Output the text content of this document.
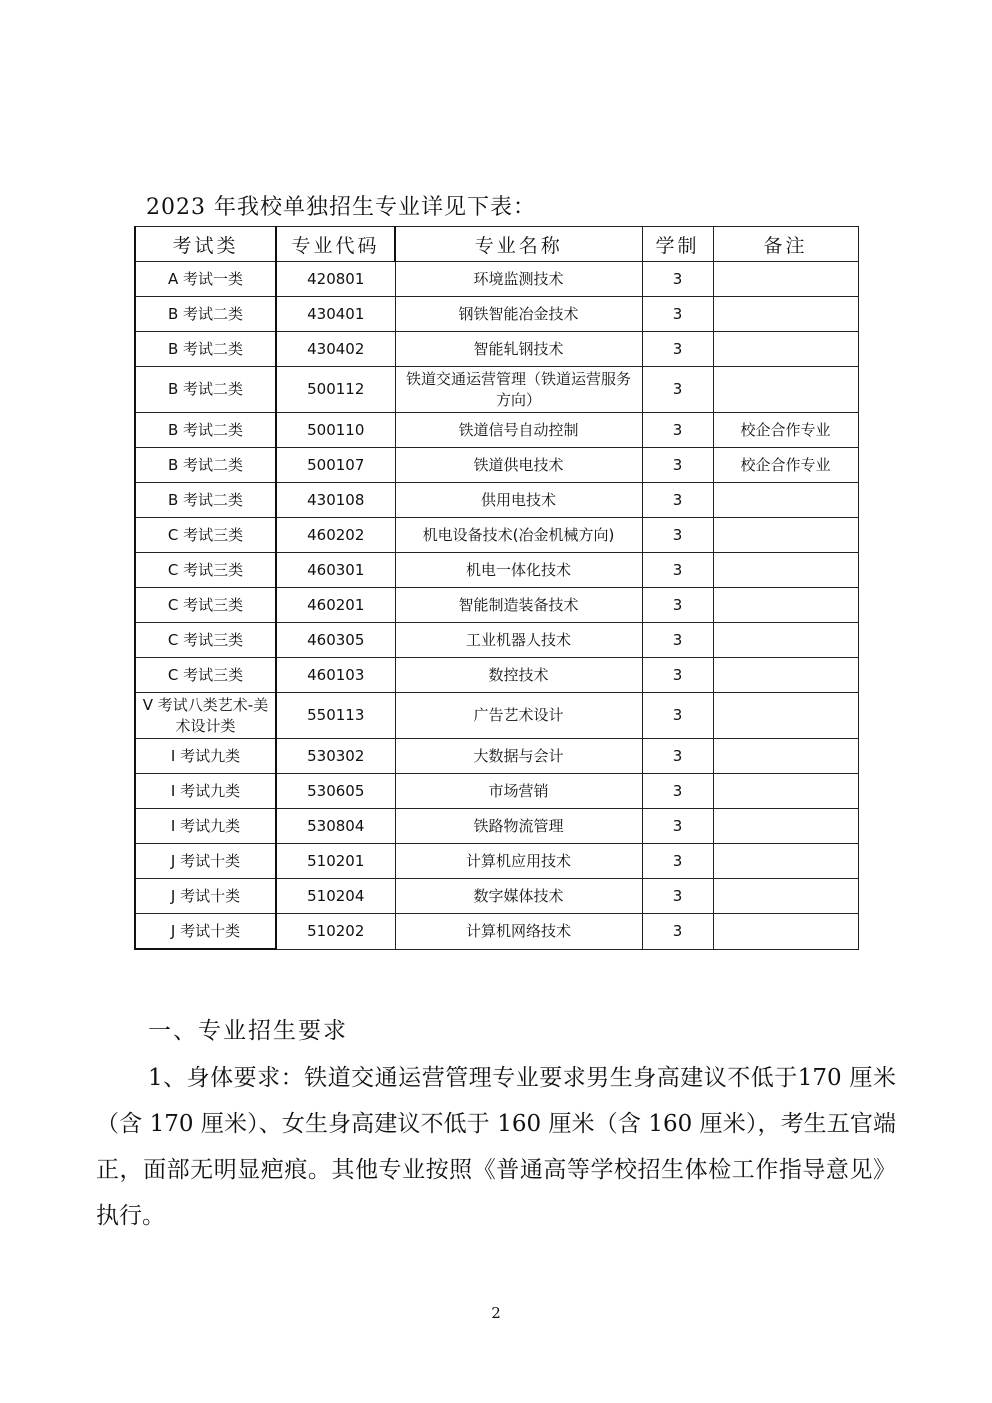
2023 年我校单独招生专业详见下表：
考试类	专业代码	专业名称	学制	备注
A 考试一类	420801	环境监测技术	3	
B 考试二类	430401	钢铁智能冶金技术	3	
B 考试二类	430402	智能轧钢技术	3	
B 考试二类	500112	铁道交通运营管理（铁道运营服务方向）	3	
B 考试二类	500110	铁道信号自动控制	3	校企合作专业
B 考试二类	500107	铁道供电技术	3	校企合作专业
B 考试二类	430108	供用电技术	3	
C 考试三类	460202	机电设备技术(冶金机械方向)	3	
C 考试三类	460301	机电一体化技术	3	
C 考试三类	460201	智能制造装备技术	3	
C 考试三类	460305	工业机器人技术	3	
C 考试三类	460103	数控技术	3	
V 考试八类艺术-美术设计类	550113	广告艺术设计	3	
I 考试九类	530302	大数据与会计	3	
I 考试九类	530605	市场营销	3	
I 考试九类	530804	铁路物流管理	3	
J 考试十类	510201	计算机应用技术	3	
J 考试十类	510204	数字媒体技术	3	
J 考试十类	510202	计算机网络技术	3	
一、专业招生要求
1、身体要求：铁道交通运营管理专业要求男生身高建议不低于170 厘米（含 170 厘米）、女生身高建议不低于 160 厘米（含 160 厘米），考生五官端正，面部无明显疤痕。其他专业按照《普通高等学校招生体检工作指导意见》执行。
2
